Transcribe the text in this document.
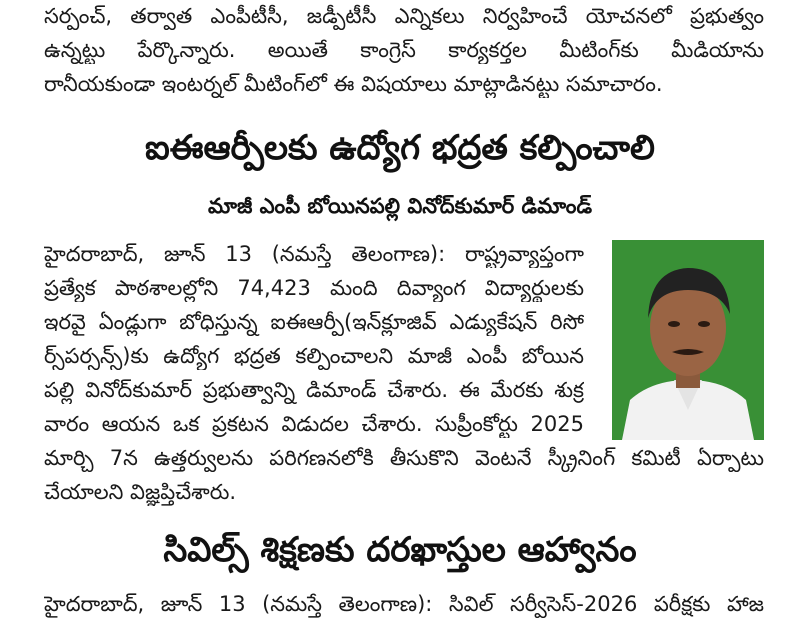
సర్పంచ్, తర్వాత ఎంపీటీసీ, జడ్పీటీసీ ఎన్నికలు నిర్వహించే యోచనలో ప్రభుత్వం
ఉన్నట్టు పేర్కొన్నారు. అయితే కాంగ్రెస్ కార్యకర్తల మీటింగ్‌కు మీడియాను
రానీయకుండా ఇంటర్నల్ మీటింగ్‌లో ఈ విషయాలు మాట్లాడినట్టు సమాచారం.
ఐఈఆర్పీలకు ఉద్యోగ భద్రత కల్పించాలి
మాజీ ఎంపీ బోయినపల్లి వినోద్‌కుమార్ డిమాండ్
హైదరాబాద్, జూన్ 13 (నమస్తే తెలంగాణ): రాష్ట్రవ్యాప్తంగా
ప్రత్యేక పాఠశాలల్లోని 74,423 మంది దివ్యాంగ విద్యార్థులకు
ఇరవై ఏండ్లుగా బోధిస్తున్న ఐఈఆర్పీ(ఇన్‌క్లూజివ్ ఎడ్యుకేషన్ రిసో
ర్స్‌పర్సన్స్)కు ఉద్యోగ భద్రత కల్పించాలని మాజీ ఎంపీ బోయిన
పల్లి వినోద్‌కుమార్ ప్రభుత్వాన్ని డిమాండ్ చేశారు. ఈ మేరకు శుక్ర
వారం ఆయన ఒక ప్రకటన విడుదల చేశారు. సుప్రీంకోర్టు 2025
మార్చి 7న ఉత్తర్వులను పరిగణనలోకి తీసుకొని వెంటనే స్క్రీనింగ్ కమిటీ ఏర్పాటు
చేయాలని విజ్ఞప్తిచేశారు.
సివిల్స్ శిక్షణకు దరఖాస్తుల ఆహ్వానం
హైదరాబాద్, జూన్ 13 (నమస్తే తెలంగాణ): సివిల్ సర్వీసెస్-2026 పరీక్షకు హాజ
